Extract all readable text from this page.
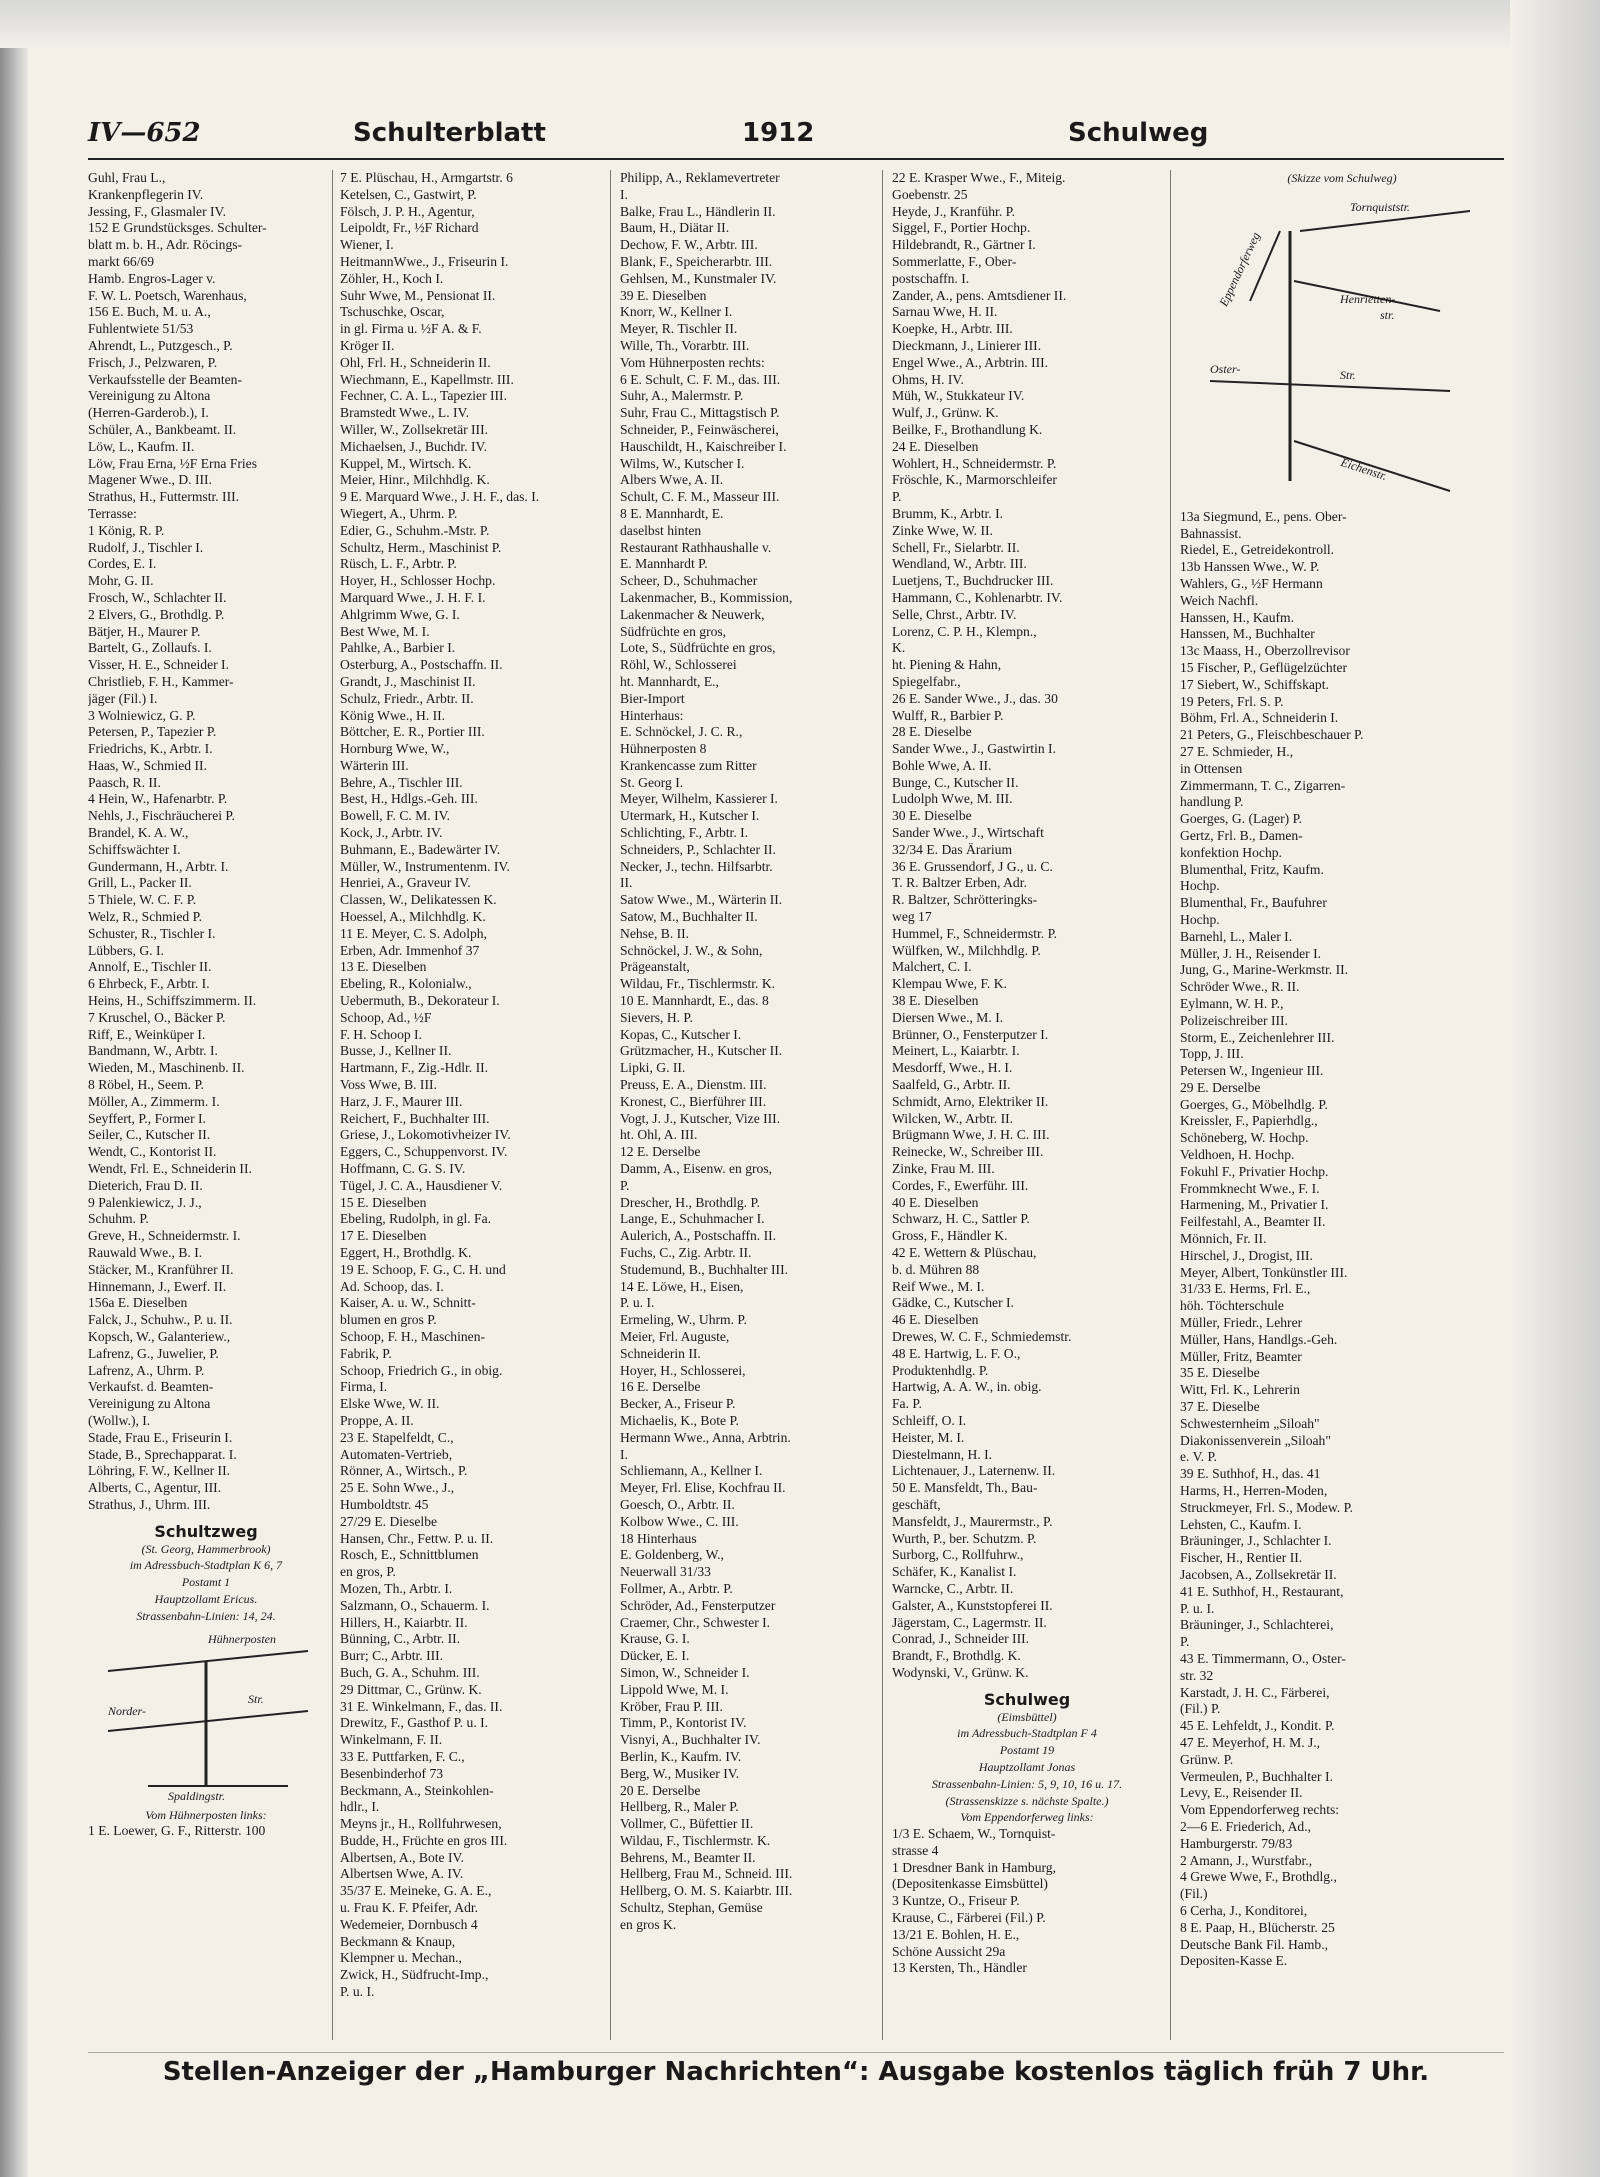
IV—652	Schulterblatt	1912	Schulweg
Guhl, Frau L.,
Krankenpflegerin IV.
Jessing, F., Glasmaler IV.
152 E Grundstücksges. Schulter-
blatt m. b. H., Adr. Röcings-
markt 66/69
Hamb. Engros-Lager v.
F. W. L. Poetsch, Warenhaus,
156 E. Buch, M. u. A.,
Fuhlentwiete 51/53
Ahrendt, L., Putzgesch., P.
Frisch, J., Pelzwaren, P.
Verkaufsstelle der Beamten-
Vereinigung zu Altona
(Herren-Garderob.), I.
Schüler, A., Bankbeamt. II.
Löw, L., Kaufm. II.
Löw, Frau Erna, ½F Erna Fries
Magener Wwe., D. III.
Strathus, H., Futtermstr. III.
Terrasse:
1 König, R. P.
Rudolf, J., Tischler I.
Cordes, E. I.
Mohr, G. II.
Frosch, W., Schlachter II.
2 Elvers, G., Brothdlg. P.
Bätjer, H., Maurer P.
Bartelt, G., Zollaufs. I.
Visser, H. E., Schneider I.
Christlieb, F. H., Kammer-
jäger (Fil.) I.
3 Wolniewicz, G. P.
Petersen, P., Tapezier P.
Friedrichs, K., Arbtr. I.
Haas, W., Schmied II.
Paasch, R. II.
4 Hein, W., Hafenarbtr. P.
Nehls, J., Fischräucherei P.
Brandel, K. A. W.,
Schiffswächter I.
Gundermann, H., Arbtr. I.
Grill, L., Packer II.
5 Thiele, W. C. F. P.
Welz, R., Schmied P.
Schuster, R., Tischler I.
Lübbers, G. I.
Annolf, E., Tischler II.
6 Ehrbeck, F., Arbtr. I.
Heins, H., Schiffszimmerm. II.
7 Kruschel, O., Bäcker P.
Riff, E., Weinküper I.
Bandmann, W., Arbtr. I.
Wieden, M., Maschinenb. II.
8 Röbel, H., Seem. P.
Möller, A., Zimmerm. I.
Seyffert, P., Former I.
Seiler, C., Kutscher II.
Wendt, C., Kontorist II.
Wendt, Frl. E., Schneiderin II.
Dieterich, Frau D. II.
9 Palenkiewicz, J. J.,
Schuhm. P.
Greve, H., Schneidermstr. I.
Rauwald Wwe., B. I.
Stäcker, M., Kranführer II.
Hinnemann, J., Ewerf. II.
156a E. Dieselben
Falck, J., Schuhw., P. u. II.
Kopsch, W., Galanteriew.,
Lafrenz, G., Juwelier, P.
Lafrenz, A., Uhrm. P.
Verkaufst. d. Beamten-
Vereinigung zu Altona
(Wollw.), I.
Stade, Frau E., Friseurin I.
Stade, B., Sprechapparat. I.
Löhring, F. W., Kellner II.
Alberts, C., Agentur, III.
Strathus, J., Uhrm. III.
Schultzweg
(St. Georg, Hammerbrook)
im Adressbuch-Stadtplan K 6, 7
Postamt 1
Hauptzollamt Ericus.
Strassenbahn-Linien: 14, 24.
Hühnerposten
Norder-
Str.
Spaldingstr.
Vom Hühnerposten links:
1 E. Loewer, G. F., Ritterstr. 100
7 E. Plüschau, H., Armgartstr. 6
Ketelsen, C., Gastwirt, P.
Fölsch, J. P. H., Agentur,
Leipoldt, Fr., ½F Richard
Wiener, I.
HeitmannWwe., J., Friseurin I.
Zöhler, H., Koch I.
Suhr Wwe, M., Pensionat II.
Tschuschke, Oscar,
in gl. Firma u. ½F A. & F.
Kröger II.
Ohl, Frl. H., Schneiderin II.
Wiechmann, E., Kapellmstr. III.
Fechner, C. A. L., Tapezier III.
Bramstedt Wwe., L. IV.
Willer, W., Zollsekretär III.
Michaelsen, J., Buchdr. IV.
Kuppel, M., Wirtsch. K.
Meier, Hinr., Milchhdlg. K.
9 E. Marquard Wwe., J. H. F., das. I.
Wiegert, A., Uhrm. P.
Edier, G., Schuhm.-Mstr. P.
Schultz, Herm., Maschinist P.
Rüsch, L. F., Arbtr. P.
Hoyer, H., Schlosser Hochp.
Marquard Wwe., J. H. F. I.
Ahlgrimm Wwe, G. I.
Best Wwe, M. I.
Pahlke, A., Barbier I.
Osterburg, A., Postschaffn. II.
Grandt, J., Maschinist II.
Schulz, Friedr., Arbtr. II.
König Wwe., H. II.
Böttcher, E. R., Portier III.
Hornburg Wwe, W.,
Wärterin III.
Behre, A., Tischler III.
Best, H., Hdlgs.-Geh. III.
Bowell, F. C. M. IV.
Kock, J., Arbtr. IV.
Buhmann, E., Badewärter IV.
Müller, W., Instrumentenm. IV.
Henriei, A., Graveur IV.
Classen, W., Delikatessen K.
Hoessel, A., Milchhdlg. K.
11 E. Meyer, C. S. Adolph,
Erben, Adr. Immenhof 37
13 E. Dieselben
Ebeling, R., Kolonialw.,
Uebermuth, B., Dekorateur I.
Schoop, Ad., ½F
F. H. Schoop I.
Busse, J., Kellner II.
Hartmann, F., Zig.-Hdlr. II.
Voss Wwe, B. III.
Harz, J. F., Maurer III.
Reichert, F., Buchhalter III.
Griese, J., Lokomotivheizer IV.
Eggers, C., Schuppenvorst. IV.
Hoffmann, C. G. S. IV.
Tügel, J. C. A., Hausdiener V.
15 E. Dieselben
Ebeling, Rudolph, in gl. Fa.
17 E. Dieselben
Eggert, H., Brothdlg. K.
19 E. Schoop, F. G., C. H. und
Ad. Schoop, das. I.
Kaiser, A. u. W., Schnitt-
blumen en gros P.
Schoop, F. H., Maschinen-
Fabrik, P.
Schoop, Friedrich G., in obig.
Firma, I.
Elske Wwe, W. II.
Proppe, A. II.
23 E. Stapelfeldt, C.,
Automaten-Vertrieb,
Rönner, A., Wirtsch., P.
25 E. Sohn Wwe., J.,
Humboldtstr. 45
27/29 E. Dieselbe
Hansen, Chr., Fettw. P. u. II.
Rosch, E., Schnittblumen
en gros, P.
Mozen, Th., Arbtr. I.
Salzmann, O., Schauerm. I.
Hillers, H., Kaiarbtr. II.
Bünning, C., Arbtr. II.
Burr; C., Arbtr. III.
Buch, G. A., Schuhm. III.
29 Dittmar, C., Grünw. K.
31 E. Winkelmann, F., das. II.
Drewitz, F., Gasthof P. u. I.
Winkelmann, F. II.
33 E. Puttfarken, F. C.,
Besenbinderhof 73
Beckmann, A., Steinkohlen-
hdlr., I.
Meyns jr., H., Rollfuhrwesen,
Budde, H., Früchte en gros III.
Albertsen, A., Bote IV.
Albertsen Wwe, A. IV.
35/37 E. Meineke, G. A. E.,
u. Frau K. F. Pfeifer, Adr.
Wedemeier, Dornbusch 4
Beckmann & Knaup,
Klempner u. Mechan.,
Zwick, H., Südfrucht-Imp.,
P. u. I.
Philipp, A., Reklamevertreter
I.
Balke, Frau L., Händlerin II.
Baum, H., Diätar II.
Dechow, F. W., Arbtr. III.
Blank, F., Speicherarbtr. III.
Gehlsen, M., Kunstmaler IV.
39 E. Dieselben
Knorr, W., Kellner I.
Meyer, R. Tischler II.
Wille, Th., Vorarbtr. III.
Vom Hühnerposten rechts:
6 E. Schult, C. F. M., das. III.
Suhr, A., Malermstr. P.
Suhr, Frau C., Mittagstisch P.
Schneider, P., Feinwäscherei,
Hauschildt, H., Kaischreiber I.
Wilms, W., Kutscher I.
Albers Wwe, A. II.
Schult, C. F. M., Masseur III.
8 E. Mannhardt, E.
daselbst hinten
Restaurant Rathhaushalle v.
E. Mannhardt P.
Scheer, D., Schuhmacher
Lakenmacher, B., Kommission,
Lakenmacher & Neuwerk,
Südfrüchte en gros,
Lote, S., Südfrüchte en gros,
Röhl, W., Schlosserei
ht. Mannhardt, E.,
Bier-Import
Hinterhaus:
E. Schnöckel, J. C. R.,
Hühnerposten 8
Krankencasse zum Ritter
St. Georg I.
Meyer, Wilhelm, Kassierer I.
Utermark, H., Kutscher I.
Schlichting, F., Arbtr. I.
Schneiders, P., Schlachter II.
Necker, J., techn. Hilfsarbtr.
II.
Satow Wwe., M., Wärterin II.
Satow, M., Buchhalter II.
Nehse, B. II.
Schnöckel, J. W., & Sohn,
Prägeanstalt,
Wildau, Fr., Tischlermstr. K.
10 E. Mannhardt, E., das. 8
Sievers, H. P.
Kopas, C., Kutscher I.
Grützmacher, H., Kutscher II.
Lipki, G. II.
Preuss, E. A., Dienstm. III.
Kronest, C., Bierführer III.
Vogt, J. J., Kutscher, Vize III.
ht. Ohl, A. III.
12 E. Derselbe
Damm, A., Eisenw. en gros,
P.
Drescher, H., Brothdlg. P.
Lange, E., Schuhmacher I.
Aulerich, A., Postschaffn. II.
Fuchs, C., Zig. Arbtr. II.
Studemund, B., Buchhalter III.
14 E. Löwe, H., Eisen,
P. u. I.
Ermeling, W., Uhrm. P.
Meier, Frl. Auguste,
Schneiderin II.
Hoyer, H., Schlosserei,
16 E. Derselbe
Becker, A., Friseur P.
Michaelis, K., Bote P.
Hermann Wwe., Anna, Arbtrin.
I.
Schliemann, A., Kellner I.
Meyer, Frl. Elise, Kochfrau II.
Goesch, O., Arbtr. II.
Kolbow Wwe., C. III.
18 Hinterhaus
E. Goldenberg, W.,
Neuerwall 31/33
Follmer, A., Arbtr. P.
Schröder, Ad., Fensterputzer
Craemer, Chr., Schwester I.
Krause, G. I.
Dücker, E. I.
Simon, W., Schneider I.
Lippold Wwe, M. I.
Kröber, Frau P. III.
Timm, P., Kontorist IV.
Visnyi, A., Buchhalter IV.
Berlin, K., Kaufm. IV.
Berg, W., Musiker IV.
20 E. Derselbe
Hellberg, R., Maler P.
Vollmer, C., Büfettier II.
Wildau, F., Tischlermstr. K.
Behrens, M., Beamter II.
Hellberg, Frau M., Schneid. III.
Hellberg, O. M. S. Kaiarbtr. III.
Schultz, Stephan, Gemüse
en gros K.
22 E. Krasper Wwe., F., Miteig.
Goebenstr. 25
Heyde, J., Kranführ. P.
Siggel, F., Portier Hochp.
Hildebrandt, R., Gärtner I.
Sommerlatte, F., Ober-
postschaffn. I.
Zander, A., pens. Amtsdiener II.
Sarnau Wwe, H. II.
Koepke, H., Arbtr. III.
Dieckmann, J., Linierer III.
Engel Wwe., A., Arbtrin. III.
Ohms, H. IV.
Müh, W., Stukkateur IV.
Wulf, J., Grünw. K.
Beilke, F., Brothandlung K.
24 E. Dieselben
Wohlert, H., Schneidermstr. P.
Fröschle, K., Marmorschleifer
P.
Brumm, K., Arbtr. I.
Zinke Wwe, W. II.
Schell, Fr., Sielarbtr. II.
Wendland, W., Arbtr. III.
Luetjens, T., Buchdrucker III.
Hammann, C., Kohlenarbtr. IV.
Selle, Chrst., Arbtr. IV.
Lorenz, C. P. H., Klempn.,
K.
ht. Piening & Hahn,
Spiegelfabr.,
26 E. Sander Wwe., J., das. 30
Wulff, R., Barbier P.
28 E. Dieselbe
Sander Wwe., J., Gastwirtin I.
Bohle Wwe, A. II.
Bunge, C., Kutscher II.
Ludolph Wwe, M. III.
30 E. Dieselbe
Sander Wwe., J., Wirtschaft
32/34 E. Das Ärarium
36 E. Grussendorf, J G., u. C.
T. R. Baltzer Erben, Adr.
R. Baltzer, Schrötteringks-
weg 17
Hummel, F., Schneidermstr. P.
Wülfken, W., Milchhdlg. P.
Malchert, C. I.
Klempau Wwe, F. K.
38 E. Dieselben
Diersen Wwe., M. I.
Brünner, O., Fensterputzer I.
Meinert, L., Kaiarbtr. I.
Mesdorff, Wwe., H. I.
Saalfeld, G., Arbtr. II.
Schmidt, Arno, Elektriker II.
Wilcken, W., Arbtr. II.
Brügmann Wwe, J. H. C. III.
Reinecke, W., Schreiber III.
Zinke, Frau M. III.
Cordes, F., Ewerführ. III.
40 E. Dieselben
Schwarz, H. C., Sattler P.
Gross, F., Händler K.
42 E. Wettern & Plüschau,
b. d. Mühren 88
Reif Wwe., M. I.
Gädke, C., Kutscher I.
46 E. Dieselben
Drewes, W. C. F., Schmiedemstr.
48 E. Hartwig, L. F. O.,
Produktenhdlg. P.
Hartwig, A. A. W., in. obig.
Fa. P.
Schleiff, O. I.
Heister, M. I.
Diestelmann, H. I.
Lichtenauer, J., Laternenw. II.
50 E. Mansfeldt, Th., Bau-
geschäft,
Mansfeldt, J., Maurermstr., P.
Wurth, P., ber. Schutzm. P.
Surborg, C., Rollfuhrw.,
Schäfer, K., Kanalist I.
Warncke, C., Arbtr. II.
Galster, A., Kunststopferei II.
Jägerstam, C., Lagermstr. II.
Conrad, J., Schneider III.
Brandt, F., Brothdlg. K.
Wodynski, V., Grünw. K.
Schulweg
(Eimsbüttel)
im Adressbuch-Stadtplan F 4
Postamt 19
Hauptzollamt Jonas
Strassenbahn-Linien: 5, 9, 10, 16 u. 17.
(Strassenskizze s. nächste Spalte.)
Vom Eppendorferweg links:
1/3 E. Schaem, W., Tornquist-
strasse 4
1 Dresdner Bank in Hamburg,
(Depositenkasse Eimsbüttel)
3 Kuntze, O., Friseur P.
Krause, C., Färberei (Fil.) P.
13/21 E. Bohlen, H. E.,
Schöne Aussicht 29a
13 Kersten, Th., Händler
(Skizze vom Schulweg)
Tornquiststr.
Eppendorferweg	Henrietten-
str.
Oster-	Str.
Eichenstr.
13a Siegmund, E., pens. Ober-
Bahnassist.
Riedel, E., Getreidekontroll.
13b Hanssen Wwe., W. P.
Wahlers, G., ½F Hermann
Weich Nachfl.
Hanssen, H., Kaufm.
Hanssen, M., Buchhalter
13c Maass, H., Oberzollrevisor
15 Fischer, P., Geflügelzüchter
17 Siebert, W., Schiffskapt.
19 Peters, Frl. S. P.
Böhm, Frl. A., Schneiderin I.
21 Peters, G., Fleischbeschauer P.
27 E. Schmieder, H.,
in Ottensen
Zimmermann, T. C., Zigarren-
handlung P.
Goerges, G. (Lager) P.
Gertz, Frl. B., Damen-
konfektion Hochp.
Blumenthal, Fritz, Kaufm.
Hochp.
Blumenthal, Fr., Baufuhrer
Hochp.
Barnehl, L., Maler I.
Müller, J. H., Reisender I.
Jung, G., Marine-Werkmstr. II.
Schröder Wwe., R. II.
Eylmann, W. H. P.,
Polizeischreiber III.
Storm, E., Zeichenlehrer III.
Topp, J. III.
Petersen W., Ingenieur III.
29 E. Derselbe
Goerges, G., Möbelhdlg. P.
Kreissler, F., Papierhdlg.,
Schöneberg, W. Hochp.
Veldhoen, H. Hochp.
Fokuhl F., Privatier Hochp.
Frommknecht Wwe., F. I.
Harmening, M., Privatier I.
Feilfestahl, A., Beamter II.
Mönnich, Fr. II.
Hirschel, J., Drogist, III.
Meyer, Albert, Tonkünstler III.
31/33 E. Herms, Frl. E.,
höh. Töchterschule
Müller, Friedr., Lehrer
Müller, Hans, Handlgs.-Geh.
Müller, Fritz, Beamter
35 E. Dieselbe
Witt, Frl. K., Lehrerin
37 E. Dieselbe
Schwesternheim „Siloah"
Diakonissenverein „Siloah"
e. V. P.
39 E. Suthhof, H., das. 41
Harms, H., Herren-Moden,
Struckmeyer, Frl. S., Modew. P.
Lehsten, C., Kaufm. I.
Bräuninger, J., Schlachter I.
Fischer, H., Rentier II.
Jacobsen, A., Zollsekretär II.
41 E. Suthhof, H., Restaurant,
P. u. I.
Bräuninger, J., Schlachterei,
P.
43 E. Timmermann, O., Oster-
str. 32
Karstadt, J. H. C., Färberei,
(Fil.) P.
45 E. Lehfeldt, J., Kondit. P.
47 E. Meyerhof, H. M. J.,
Grünw. P.
Vermeulen, P., Buchhalter I.
Levy, E., Reisender II.
Vom Eppendorferweg rechts:
2—6 E. Friederich, Ad.,
Hamburgerstr. 79/83
2 Amann, J., Wurstfabr.,
4 Grewe Wwe, F., Brothdlg.,
(Fil.)
6 Cerha, J., Konditorei,
8 E. Paap, H., Blücherstr. 25
Deutsche Bank Fil. Hamb.,
Depositen-Kasse E.
Stellen-Anzeiger der „Hamburger Nachrichten“: Ausgabe kostenlos täglich früh 7 Uhr.
